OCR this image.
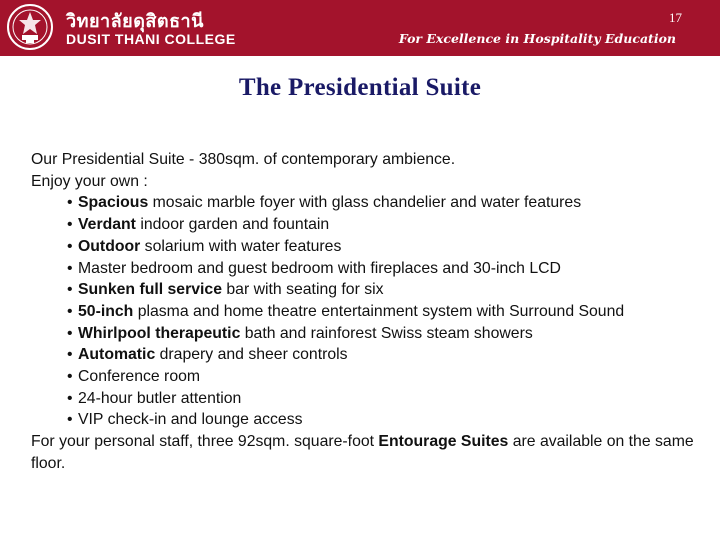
วิทยาลัยดุสิตธานี
DUSIT THANI COLLEGE
17
For Excellence in Hospitality Education
The Presidential Suite

Our Presidential Suite - 380sqm. of contemporary ambience.

Enjoy your own :

• Spacious mosaic marble foyer with glass chandelier and water features
• Verdant indoor garden and fountain
• Outdoor solarium with water features
• Master bedroom and guest bedroom with fireplaces and 30-inch LCD
• Sunken full service bar with seating for six
• 50-inch plasma and home theatre entertainment system with Surround Sound
• Whirlpool therapeutic bath and rainforest Swiss steam showers
• Automatic drapery and sheer controls
• Conference room
• 24-hour butler attention
• VIP check-in and lounge access

For your personal staff, three 92sqm. square-foot Entourage Suites are available on the same floor.
